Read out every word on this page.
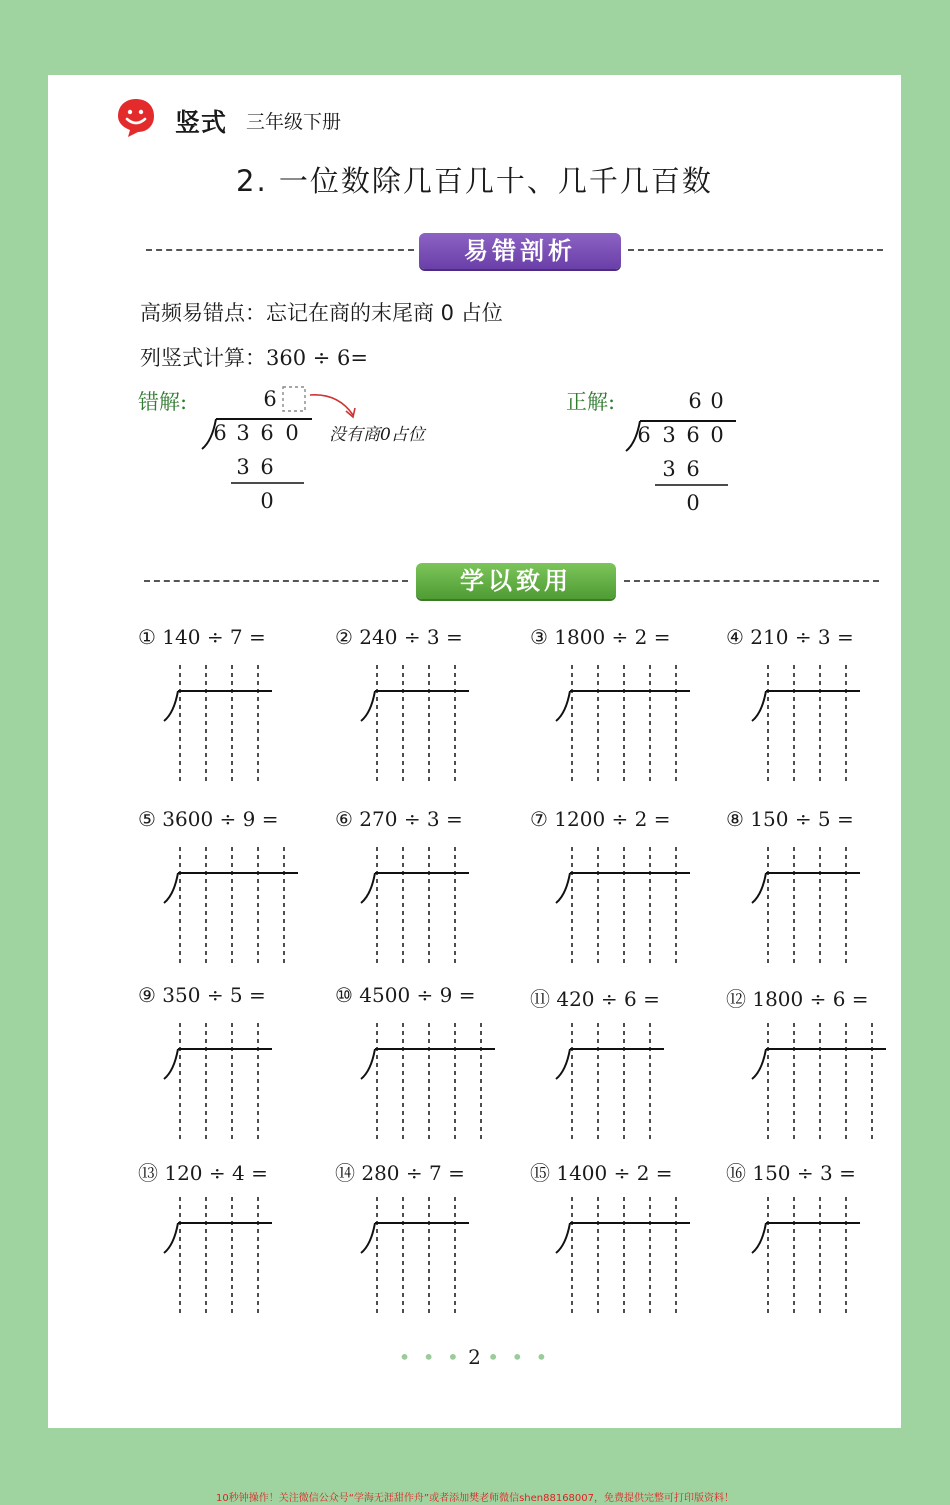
竖式 三年级下册
2. 一位数除几百几十、几千几百数
易错剖析
高频易错点：忘记在商的末尾商 0 占位
列竖式计算：360 ÷ 6=
错解:	正解:
6
6 3 6 0
3 6
0
没有商0占位
6 0
6 3 6 0
3 6
0
学以致用
① 140 ÷ 7 =	② 240 ÷ 3 =	③ 1800 ÷ 2 =	④ 210 ÷ 3 =
⑤ 3600 ÷ 9 =	⑥ 270 ÷ 3 =	⑦ 1200 ÷ 2 =	⑧ 150 ÷ 5 =
⑨ 350 ÷ 5 =	⑩ 4500 ÷ 9 =	⑪ 420 ÷ 6 =	⑫ 1800 ÷ 6 =
⑬ 120 ÷ 4 =	⑭ 280 ÷ 7 =	⑮ 1400 ÷ 2 =	⑯ 150 ÷ 3 =
• • • 2 • • •
10秒钟操作！关注微信公众号“学海无涯甜作舟”或者添加樊老师微信shen88168007，免费提供完整可打印版资料！
